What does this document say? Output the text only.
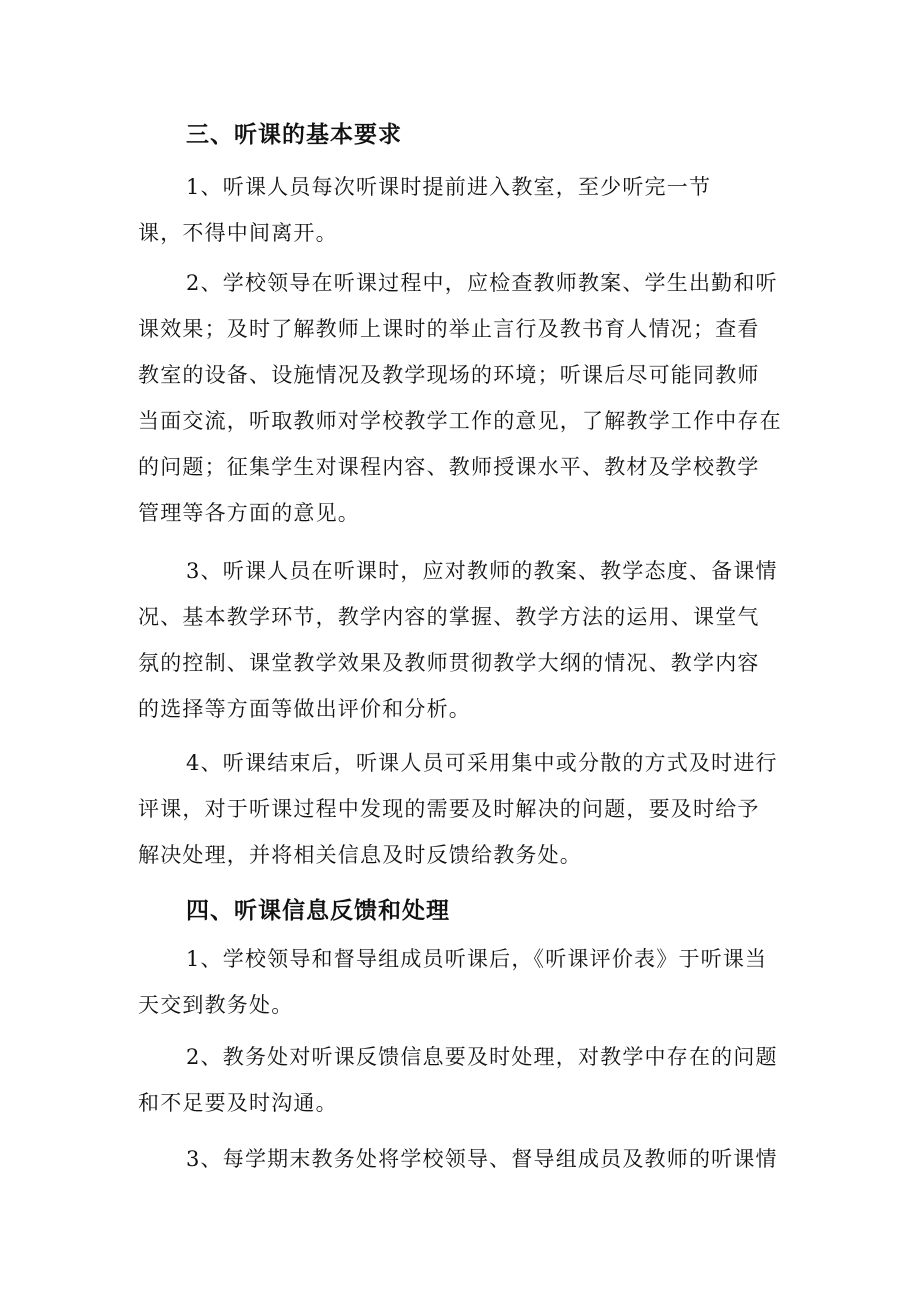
三、听课的基本要求

1、听课人员每次听课时提前进入教室，至少听完一节
课，不得中间离开。

2、学校领导在听课过程中，应检查教师教案、学生出勤和听
课效果；及时了解教师上课时的举止言行及教书育人情况；查看
教室的设备、设施情况及教学现场的环境；听课后尽可能同教师
当面交流，听取教师对学校教学工作的意见，了解教学工作中存在
的问题；征集学生对课程内容、教师授课水平、教材及学校教学
管理等各方面的意见。

3、听课人员在听课时，应对教师的教案、教学态度、备课情
况、基本教学环节，教学内容的掌握、教学方法的运用、课堂气
氛的控制、课堂教学效果及教师贯彻教学大纲的情况、教学内容
的选择等方面等做出评价和分析。

4、听课结束后，听课人员可采用集中或分散的方式及时进行
评课，对于听课过程中发现的需要及时解决的问题，要及时给予
解决处理，并将相关信息及时反馈给教务处。

四、听课信息反馈和处理

1、学校领导和督导组成员听课后，《听课评价表》于听课当
天交到教务处。

2、教务处对听课反馈信息要及时处理，对教学中存在的问题
和不足要及时沟通。

3、每学期末教务处将学校领导、督导组成员及教师的听课情
